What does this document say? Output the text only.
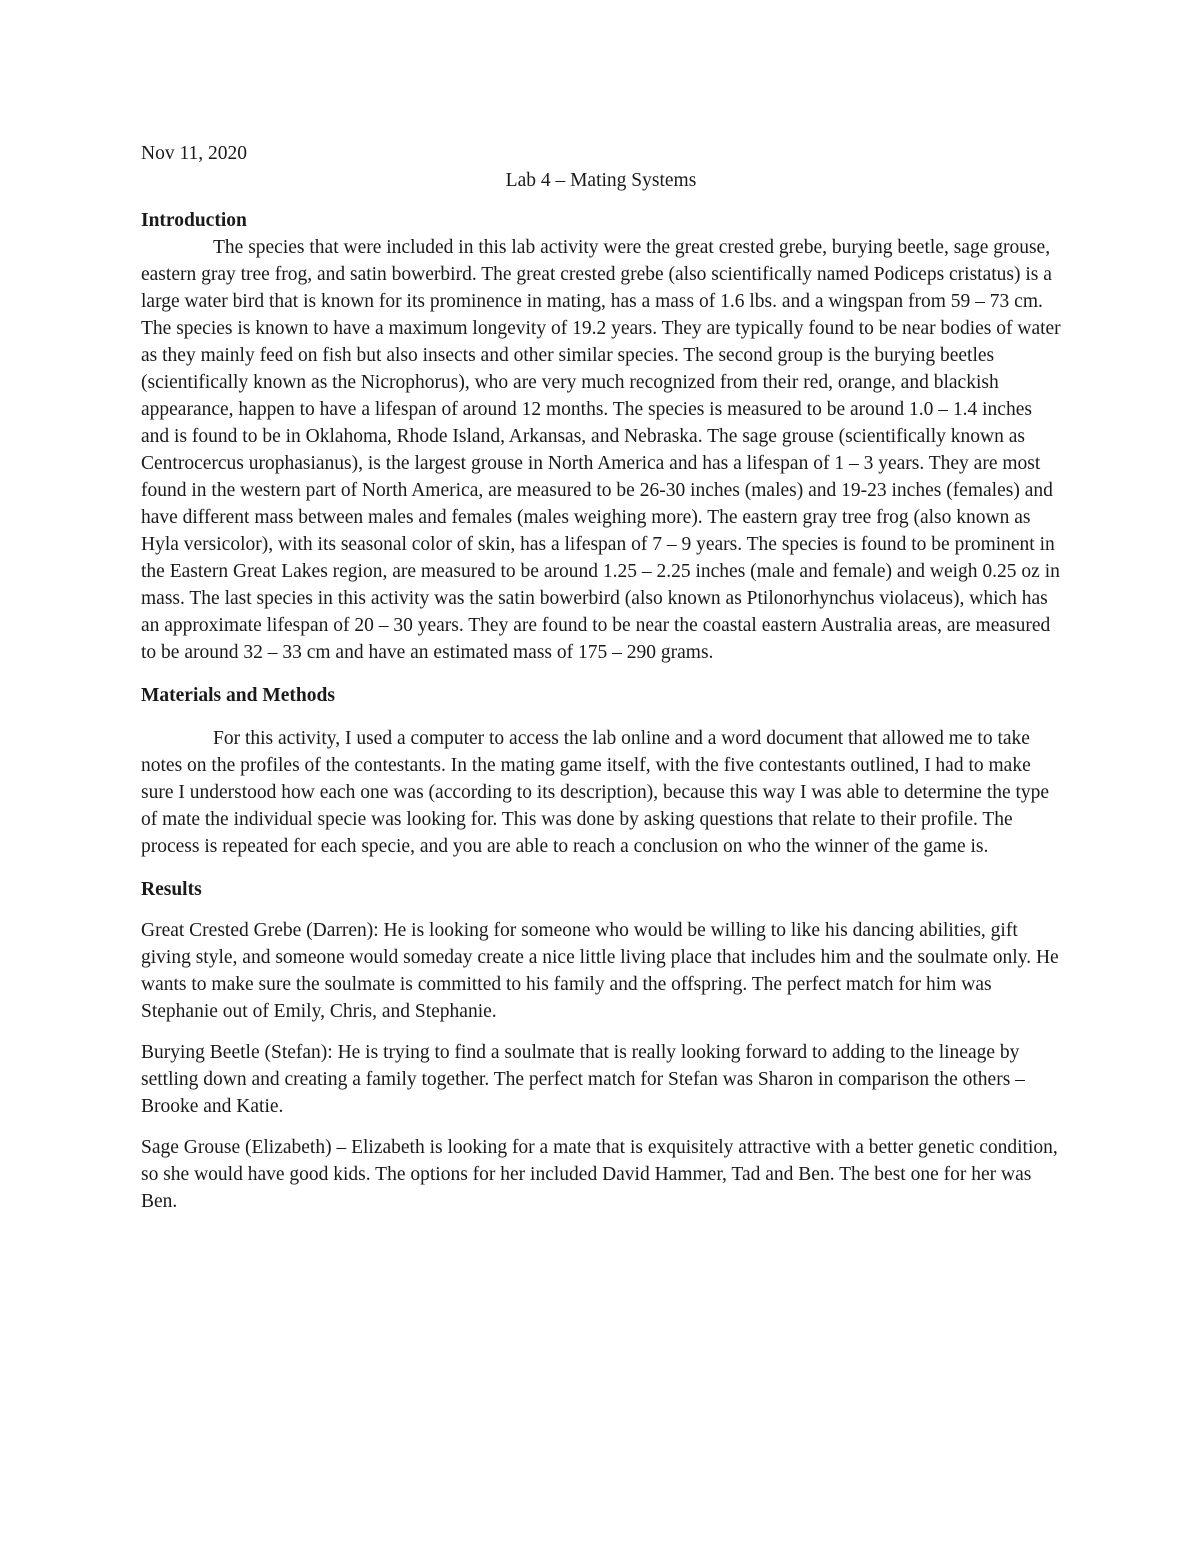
Nov 11, 2020

Lab 4 – Mating Systems

Introduction

The species that were included in this lab activity were the great crested grebe, burying beetle, sage grouse, eastern gray tree frog, and satin bowerbird. The great crested grebe (also scientifically named Podiceps cristatus) is a large water bird that is known for its prominence in mating, has a mass of 1.6 lbs. and a wingspan from 59 – 73 cm. The species is known to have a maximum longevity of 19.2 years. They are typically found to be near bodies of water as they mainly feed on fish but also insects and other similar species. The second group is the burying beetles (scientifically known as the Nicrophorus), who are very much recognized from their red, orange, and blackish appearance, happen to have a lifespan of around 12 months. The species is measured to be around 1.0 – 1.4 inches and is found to be in Oklahoma, Rhode Island, Arkansas, and Nebraska. The sage grouse (scientifically known as Centrocercus urophasianus), is the largest grouse in North America and has a lifespan of 1 – 3 years. They are most found in the western part of North America, are measured to be 26-30 inches (males) and 19-23 inches (females) and have different mass between males and females (males weighing more). The eastern gray tree frog (also known as Hyla versicolor), with its seasonal color of skin, has a lifespan of 7 – 9 years. The species is found to be prominent in the Eastern Great Lakes region, are measured to be around 1.25 – 2.25 inches (male and female) and weigh 0.25 oz in mass. The last species in this activity was the satin bowerbird (also known as Ptilonorhynchus violaceus), which has an approximate lifespan of 20 – 30 years. They are found to be near the coastal eastern Australia areas, are measured to be around 32 – 33 cm and have an estimated mass of 175 – 290 grams.

Materials and Methods

For this activity, I used a computer to access the lab online and a word document that allowed me to take notes on the profiles of the contestants. In the mating game itself, with the five contestants outlined, I had to make sure I understood how each one was (according to its description), because this way I was able to determine the type of mate the individual specie was looking for. This was done by asking questions that relate to their profile. The process is repeated for each specie, and you are able to reach a conclusion on who the winner of the game is.

Results

Great Crested Grebe (Darren): He is looking for someone who would be willing to like his dancing abilities, gift giving style, and someone would someday create a nice little living place that includes him and the soulmate only. He wants to make sure the soulmate is committed to his family and the offspring. The perfect match for him was Stephanie out of Emily, Chris, and Stephanie.

Burying Beetle (Stefan): He is trying to find a soulmate that is really looking forward to adding to the lineage by settling down and creating a family together. The perfect match for Stefan was Sharon in comparison the others – Brooke and Katie.

Sage Grouse (Elizabeth) – Elizabeth is looking for a mate that is exquisitely attractive with a better genetic condition, so she would have good kids. The options for her included David Hammer, Tad and Ben. The best one for her was Ben.
